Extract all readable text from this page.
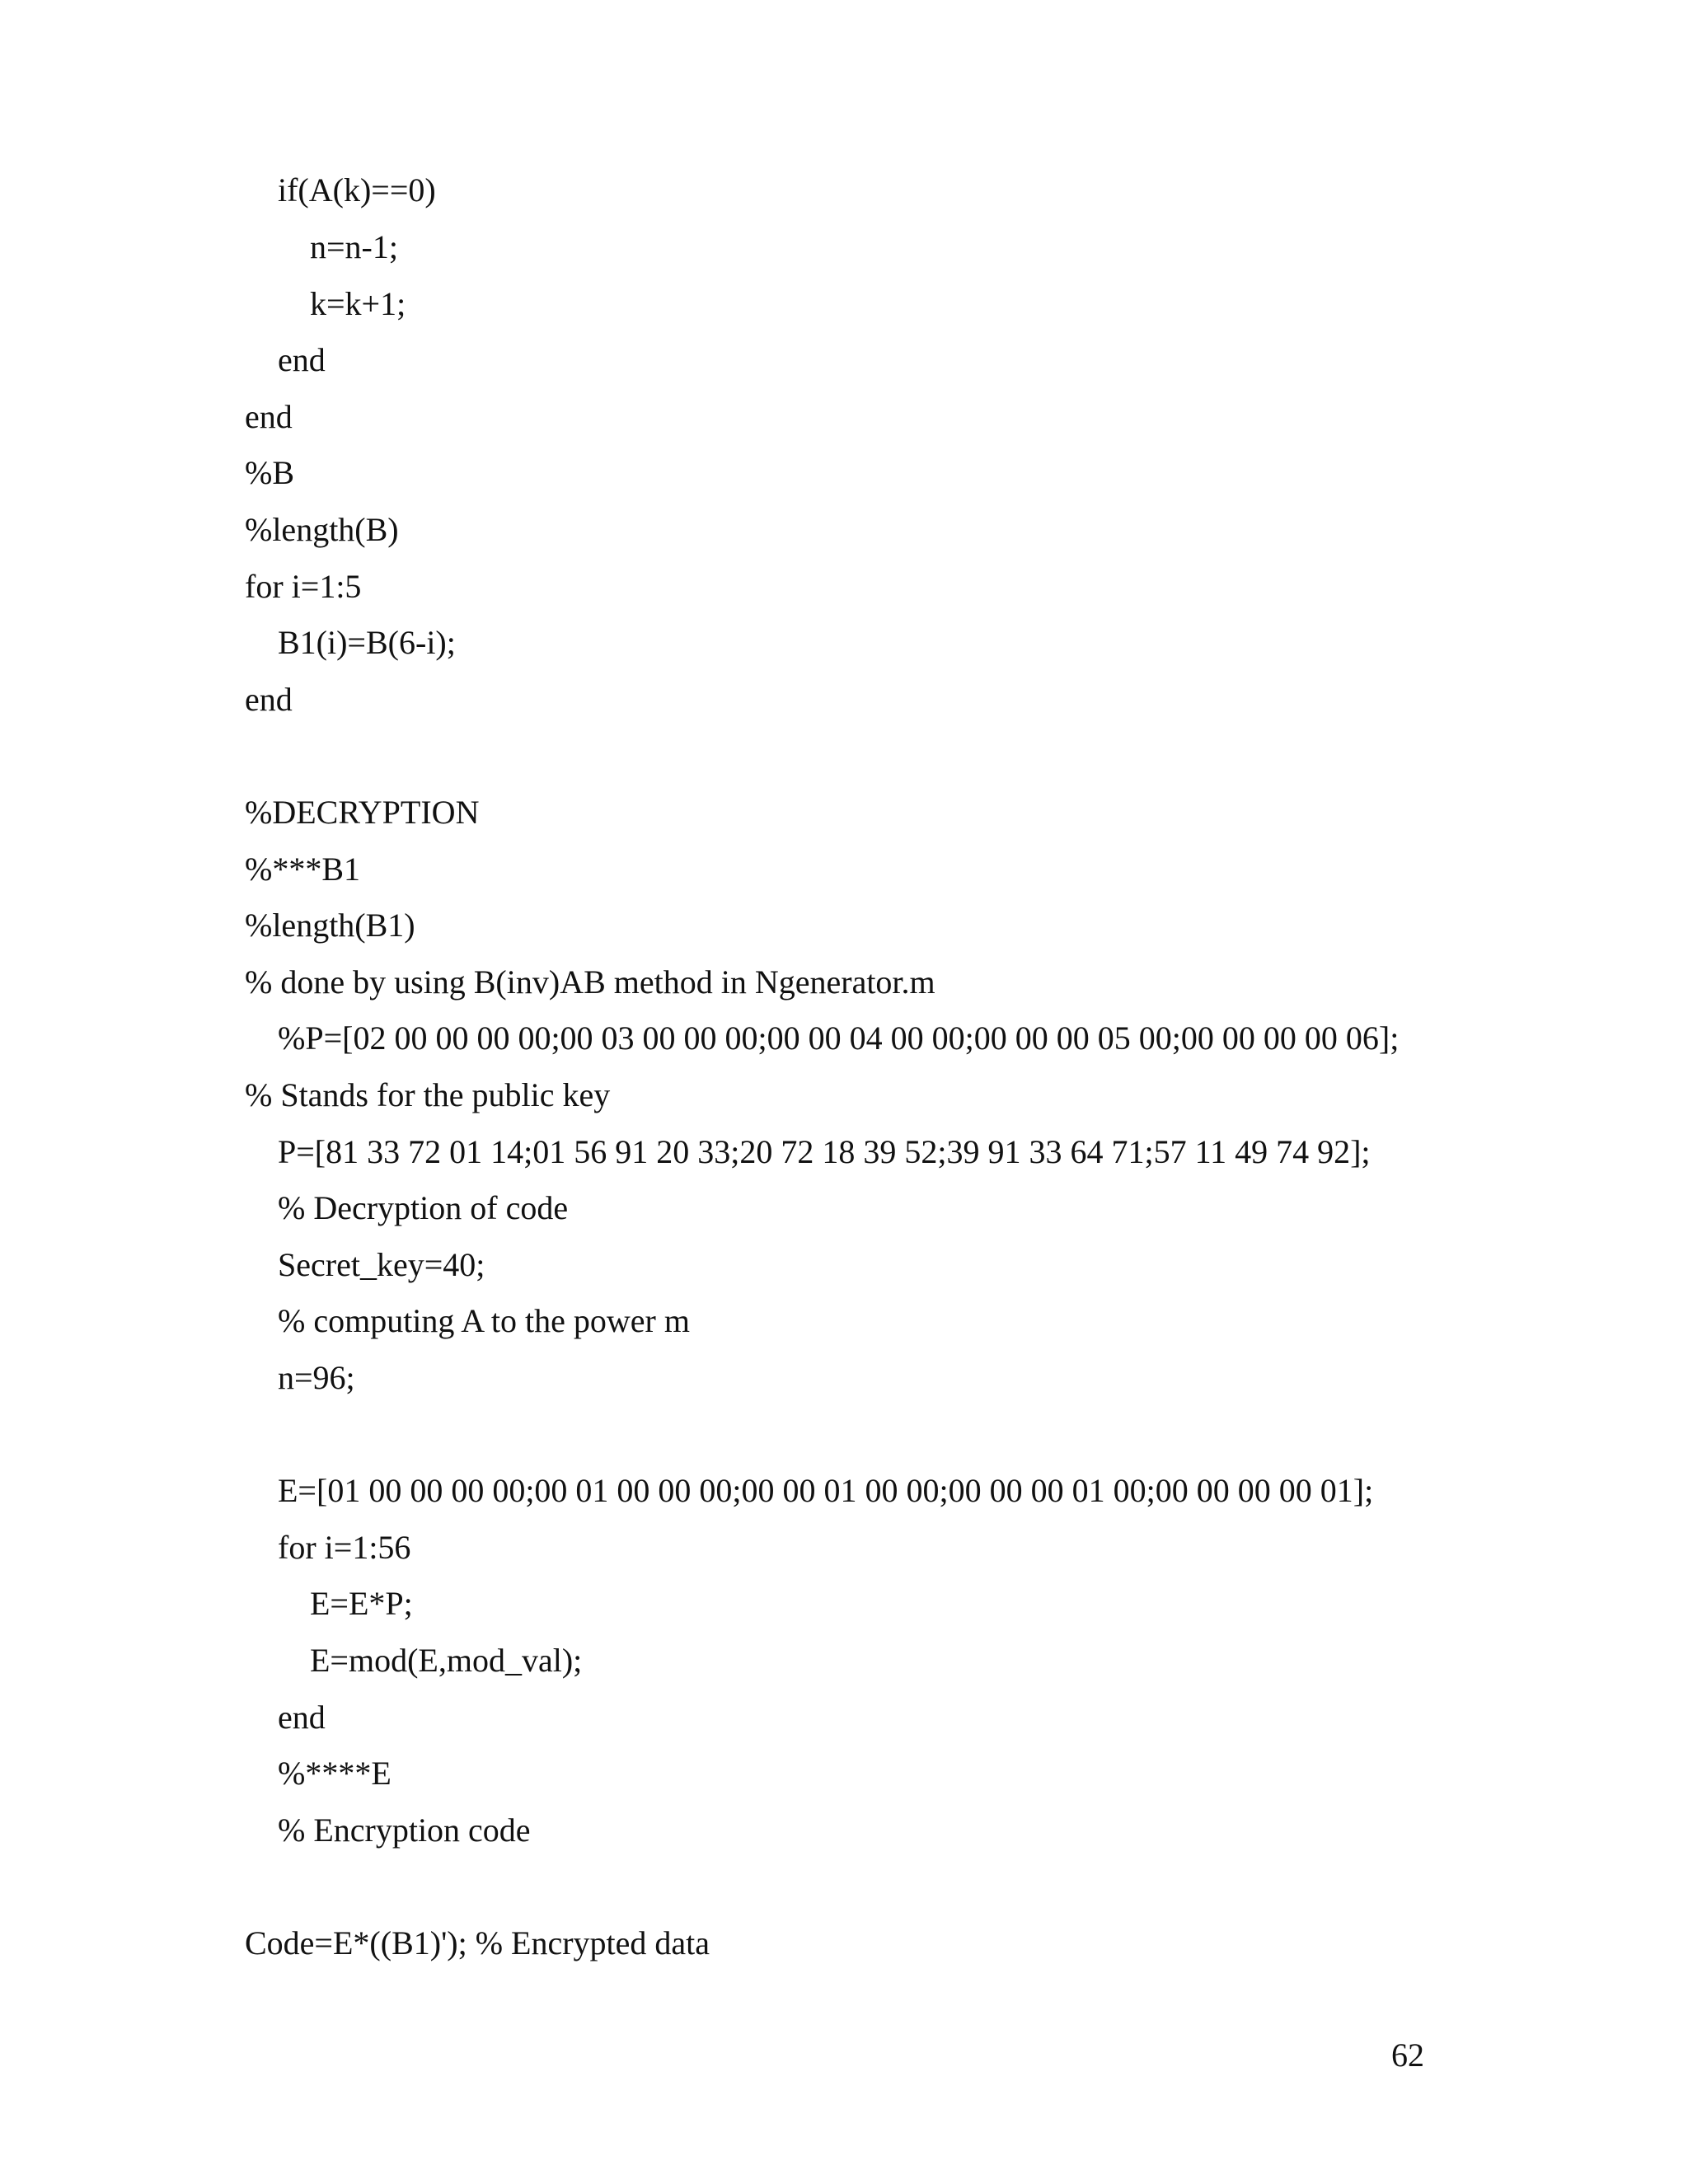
if(A(k)==0)
n=n-1;
k=k+1;
end
end
%B
%length(B)
for i=1:5
B1(i)=B(6-i);
end
%DECRYPTION
%***B1
%length(B1)
% done by using B(inv)AB method in Ngenerator.m
%P=[02 00 00 00 00;00 03 00 00 00;00 00 04 00 00;00 00 00 05 00;00 00 00 00 06];
% Stands for the public key
P=[81 33 72 01 14;01 56 91 20 33;20 72 18 39 52;39 91 33 64 71;57 11 49 74 92];
% Decryption of code
Secret_key=40;
% computing A to the power m
n=96;
E=[01 00 00 00 00;00 01 00 00 00;00 00 01 00 00;00 00 00 01 00;00 00 00 00 01];
for i=1:56
E=E*P;
E=mod(E,mod_val);
end
%****E
% Encryption code
Code=E*((B1)'); % Encrypted data
62
